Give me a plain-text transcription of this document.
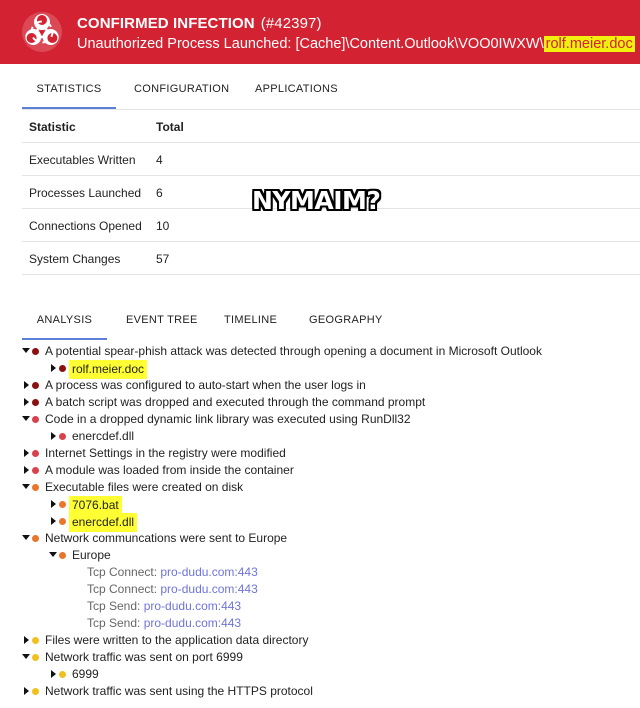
CONFIRMED INFECTION (#42397)
Unauthorized Process Launched: [Cache]\Content.Outlook\VOO0IWXW\ rolf.meier.doc
STATISTICS	CONFIGURATION APPLICATIONS
Statistic	Total
Executables Written 4
Processes Launched 6
Connections Opened 10
System Changes	57
NYMAIM?
ANALYSIS	EVENT TREE TIMELINE	GEOGRAPHY
A potential spear-phish attack was detected through opening a document in Microsoft Outlook
rolf.meier.doc
A process was configured to auto-start when the user logs in
A batch script was dropped and executed through the command prompt
Code in a dropped dynamic link library was executed using RunDll32
enercdef.dll
Internet Settings in the registry were modified
A module was loaded from inside the container
Executable files were created on disk
7076.bat
enercdef.dll
Network communcations were sent to Europe
Europe
Tcp Connect: pro-dudu.com:443
Tcp Connect: pro-dudu.com:443
Tcp Send: pro-dudu.com:443
Tcp Send: pro-dudu.com:443
Files were written to the application data directory
Network traffic was sent on port 6999
6999
Network traffic was sent using the HTTPS protocol
